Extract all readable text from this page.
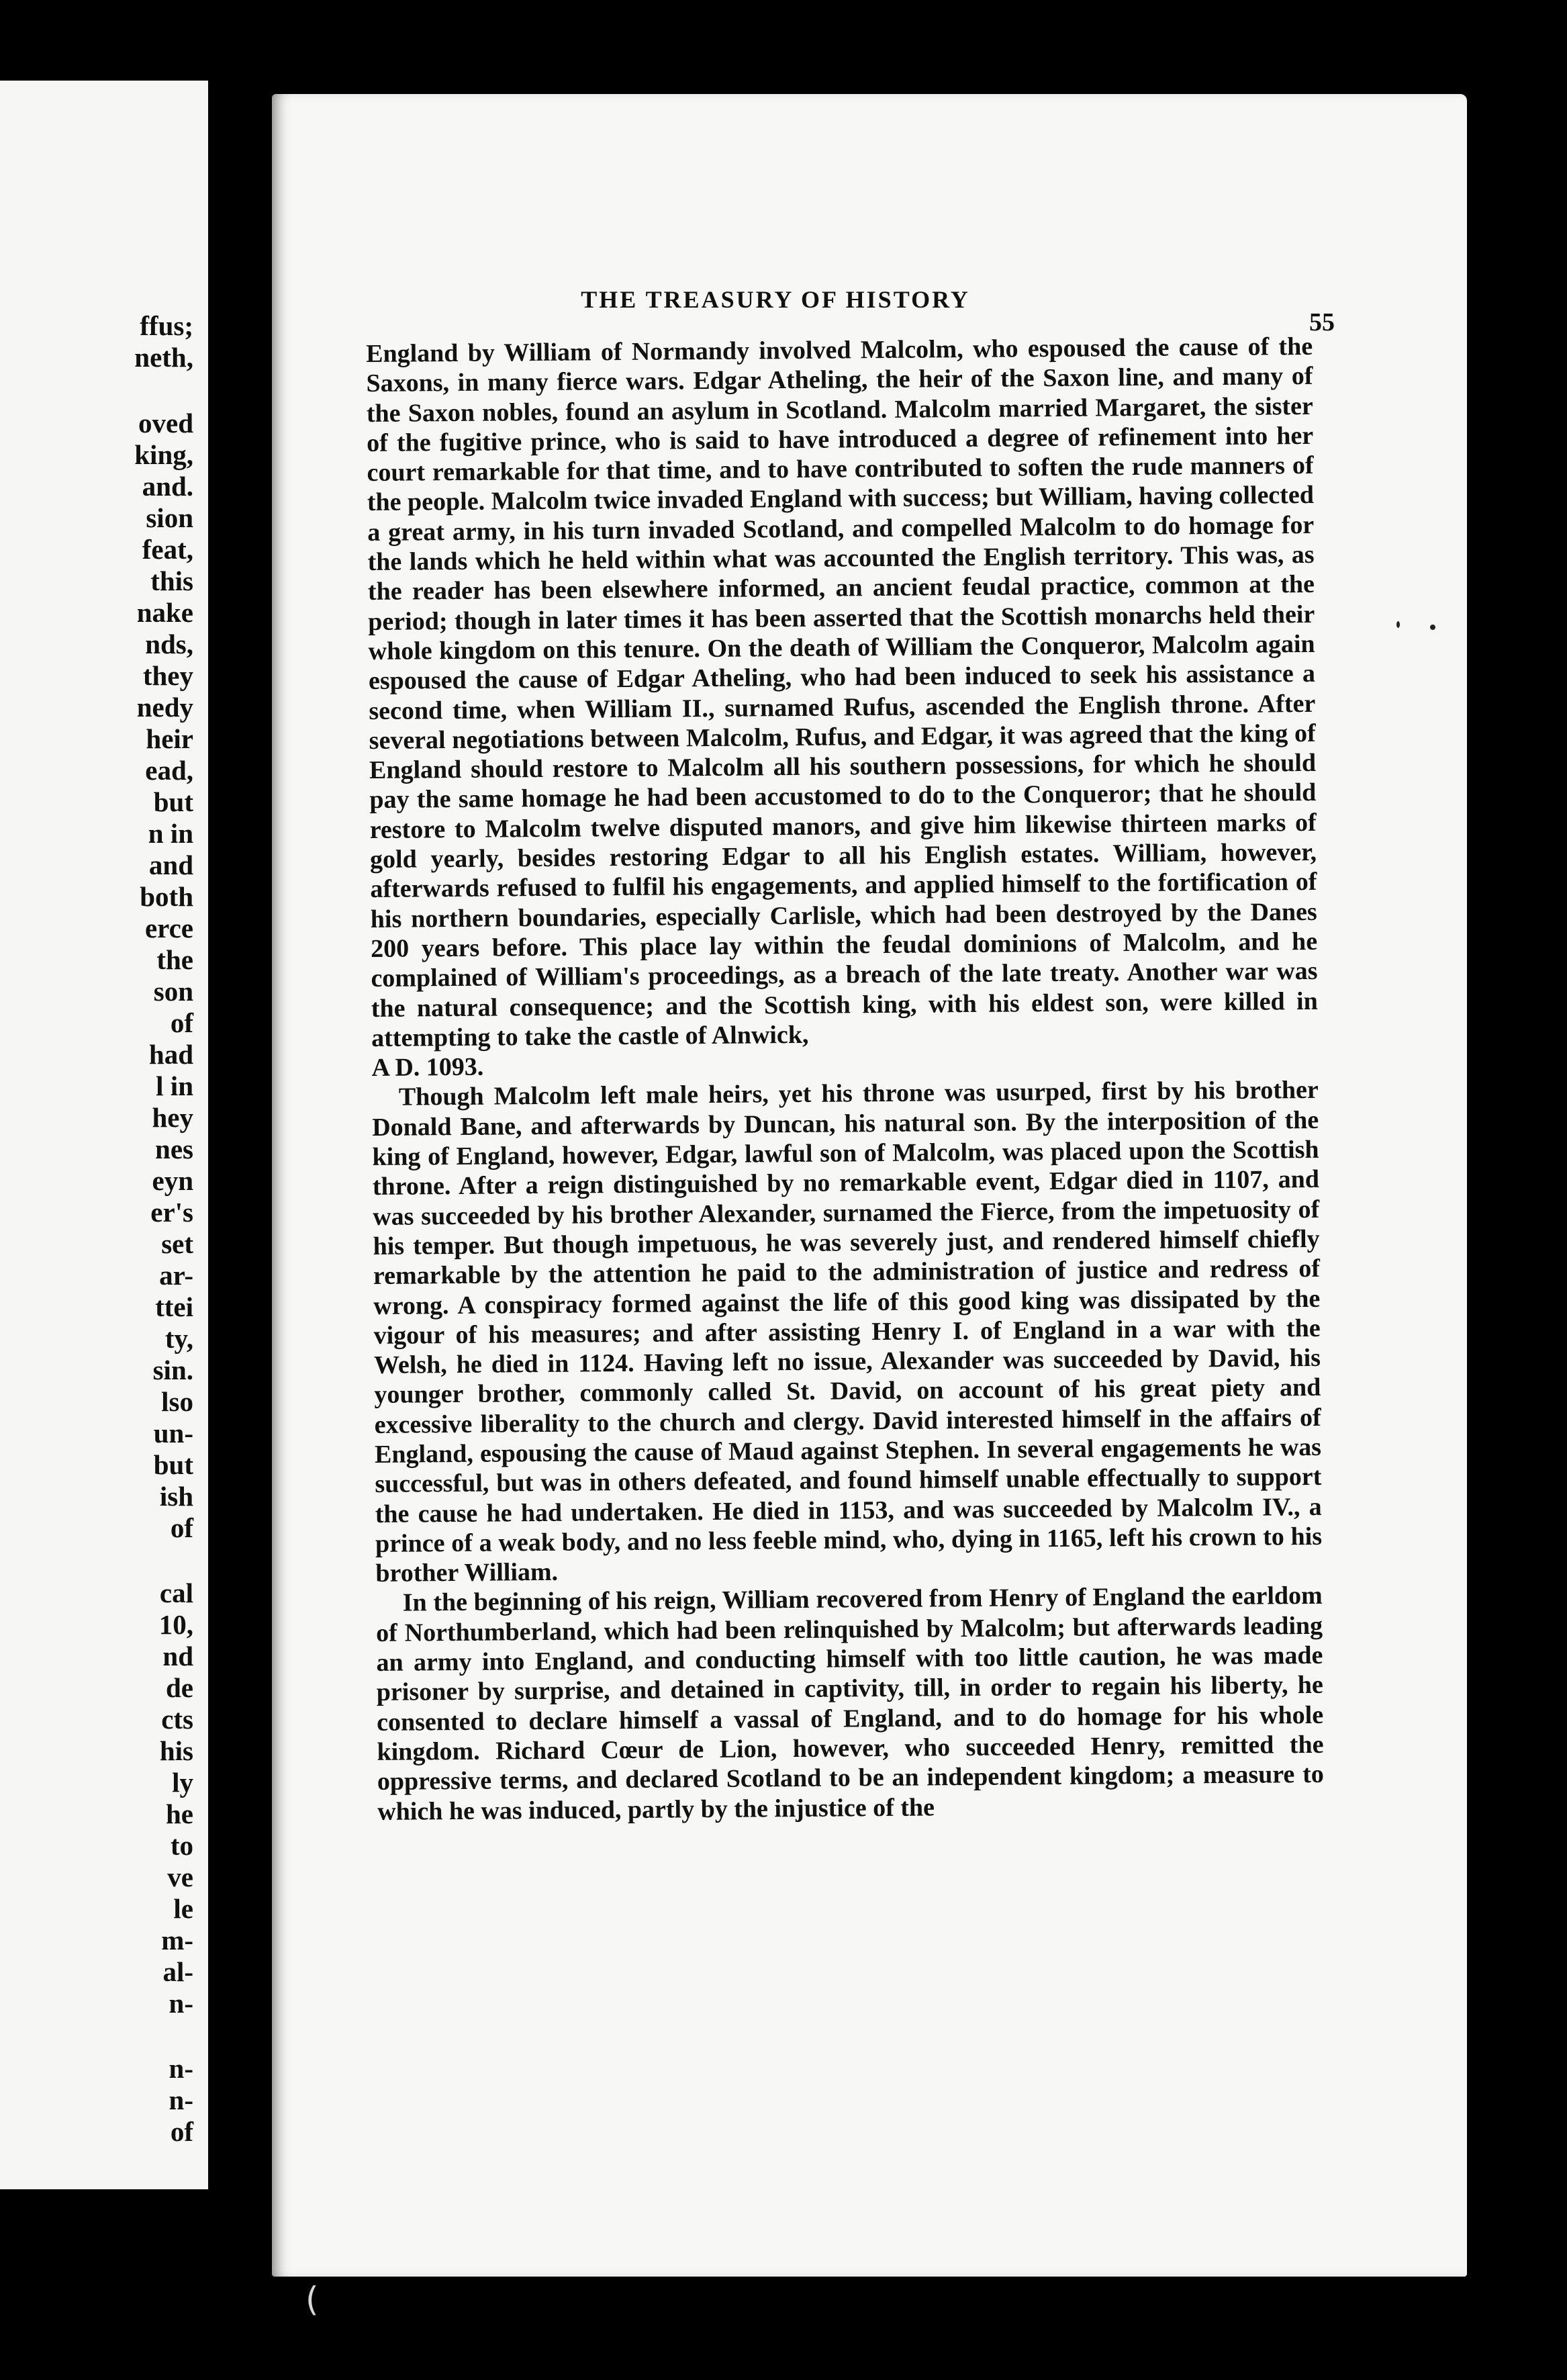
ffus;
neth,
oved
king,
and.
sion
feat,
this
nake
nds,
they
nedy
heir
ead,
but
n in
and
both
erce
the
son
of
had
l in
hey
nes
eyn
er's
set
ar-
ttei
ty,
sin.
lso
un-
but
ish
of
cal
10,
nd
de
cts
his
ly
he
to
ve
le
m-
al-
n-
n-
n-
of
THE TREASURY OF HISTORY
55

England by William of Normandy involved Malcolm, who espoused the cause of the Saxons, in many fierce wars. Edgar Atheling, the heir of the Saxon line, and many of the Saxon nobles, found an asylum in Scotland. Malcolm married Margaret, the sister of the fugitive prince, who is said to have introduced a degree of refinement into her court remarkable for that time, and to have contributed to soften the rude manners of the people. Malcolm twice invaded England with success; but William, having collected a great army, in his turn invaded Scotland, and compelled Malcolm to do homage for the lands which he held within what was accounted the English territory. This was, as the reader has been elsewhere informed, an ancient feudal practice, common at the period; though in later times it has been asserted that the Scottish monarchs held their whole kingdom on this tenure. On the death of William the Conqueror, Malcolm again espoused the cause of Edgar Atheling, who had been induced to seek his assistance a second time, when William II., surnamed Rufus, ascended the English throne. After several negotiations between Malcolm, Rufus, and Edgar, it was agreed that the king of England should restore to Malcolm all his southern possessions, for which he should pay the same homage he had been accustomed to do to the Conqueror; that he should restore to Malcolm twelve disputed manors, and give him likewise thirteen marks of gold yearly, besides restoring Edgar to all his English estates. William, however, afterwards refused to fulfil his engagements, and applied himself to the fortification of his northern boundaries, especially Carlisle, which had been destroyed by the Danes 200 years before. This place lay within the feudal dominions of Malcolm, and he complained of William's proceedings, as a breach of the late treaty. Another war was the natural consequence; and the Scottish king, with his eldest son, were killed in attempting to take the castle of Alnwick,
A D. 1093.

Though Malcolm left male heirs, yet his throne was usurped, first by his brother Donald Bane, and afterwards by Duncan, his natural son. By the interposition of the king of England, however, Edgar, lawful son of Malcolm, was placed upon the Scottish throne. After a reign distinguished by no remarkable event, Edgar died in 1107, and was succeeded by his brother Alexander, surnamed the Fierce, from the impetuosity of his temper. But though impetuous, he was severely just, and rendered himself chiefly remarkable by the attention he paid to the administration of justice and redress of wrong. A conspiracy formed against the life of this good king was dissipated by the vigour of his measures; and after assisting Henry I. of England in a war with the Welsh, he died in 1124. Having left no issue, Alexander was succeeded by David, his younger brother, commonly called St. David, on account of his great piety and excessive liberality to the church and clergy. David interested himself in the affairs of England, espousing the cause of Maud against Stephen. In several engagements he was successful, but was in others defeated, and found himself unable effectually to support the cause he had undertaken. He died in 1153, and was succeeded by Malcolm IV., a prince of a weak body, and no less feeble mind, who, dying in 1165, left his crown to his brother William.

In the beginning of his reign, William recovered from Henry of England the earldom of Northumberland, which had been relinquished by Malcolm; but afterwards leading an army into England, and conducting himself with too little caution, he was made prisoner by surprise, and detained in captivity, till, in order to regain his liberty, he consented to declare himself a vassal of England, and to do homage for his whole kingdom. Richard Cœur de Lion, however, who succeeded Henry, remitted the oppressive terms, and declared Scotland to be an independent kingdom; a measure to which he was induced, partly by the injustice of the

(
